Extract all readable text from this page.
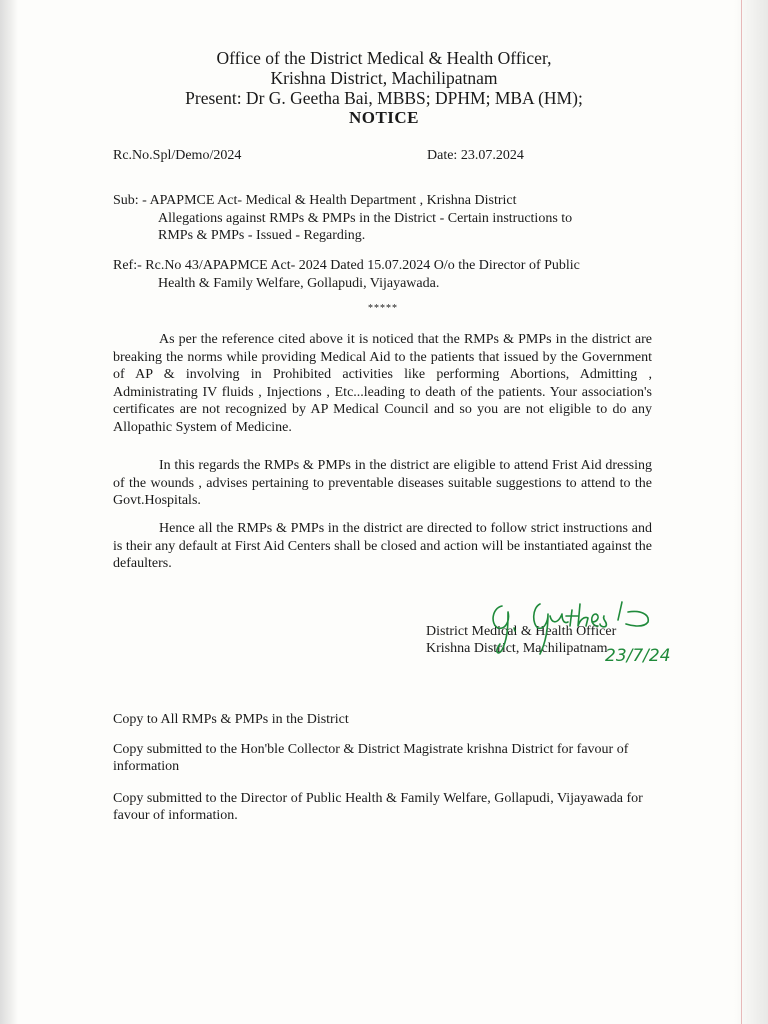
Office of the District Medical & Health Officer,
Krishna District, Machilipatnam
Present: Dr G. Geetha Bai, MBBS; DPHM; MBA (HM);
NOTICE
Rc.No.Spl/Demo/2024	Date: 23.07.2024
Sub: - APAPMCE Act- Medical & Health Department , Krishna District
Allegations against RMPs & PMPs in the District - Certain instructions to
RMPs & PMPs - Issued - Regarding.
Ref:- Rc.No 43/APAPMCE Act- 2024 Dated 15.07.2024 O/o the Director of Public
Health & Family Welfare, Gollapudi, Vijayawada.
*****
As per the reference cited above it is noticed that the RMPs & PMPs in the district are breaking the norms while providing Medical Aid to the patients that issued by the Government of AP & involving in Prohibited activities like performing Abortions, Admitting , Administrating IV fluids , Injections , Etc...leading to death of the patients. Your association's certificates are not recognized by AP Medical Council and so you are not eligible to do any Allopathic System of Medicine.
In this regards the RMPs & PMPs in the district are eligible to attend Frist Aid dressing of the wounds , advises pertaining to preventable diseases suitable suggestions to attend to the Govt.Hospitals.
Hence all the RMPs & PMPs in the district are directed to follow strict instructions and is their any default at First Aid Centers shall be closed and action will be instantiated against the defaulters.
District Medical & Health Officer
Krishna District, Machilipatnam
23/7/24
Copy to All RMPs & PMPs in the District
Copy submitted to the Hon'ble Collector & District Magistrate krishna District for favour of information
Copy submitted to the Director of Public Health & Family Welfare, Gollapudi, Vijayawada for favour of information.
